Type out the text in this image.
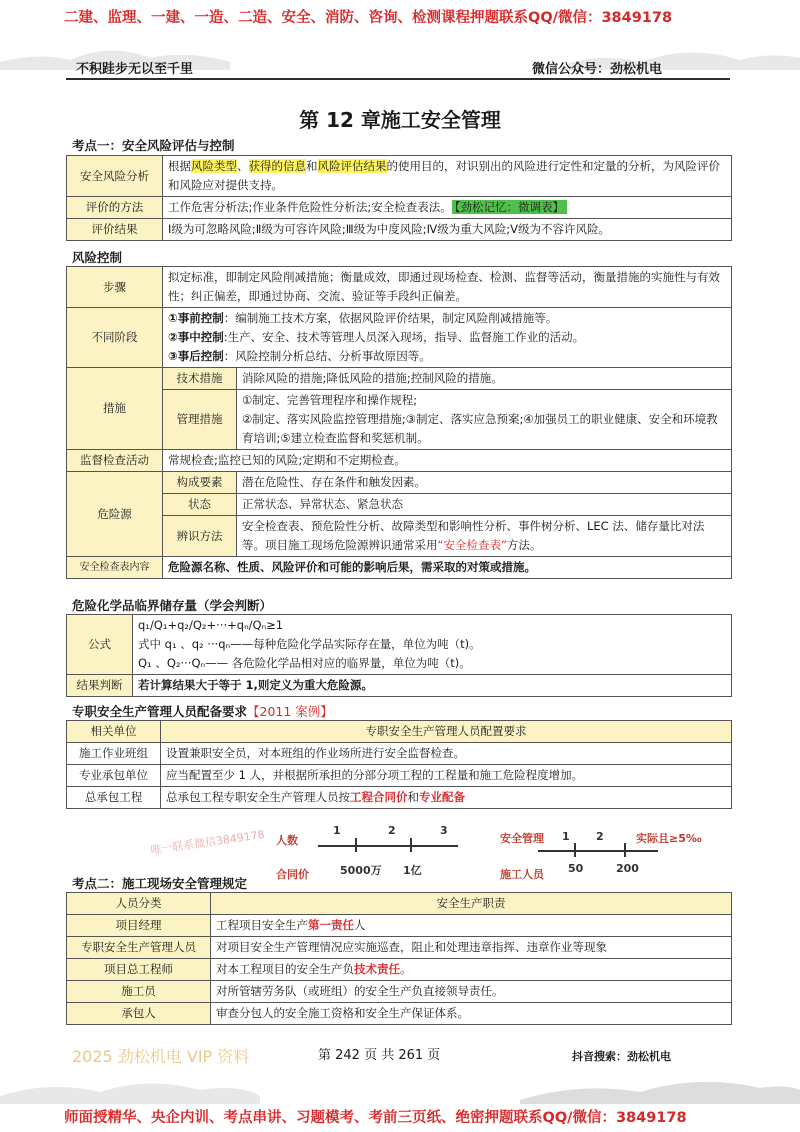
二建、监理、一建、一造、二造、安全、消防、咨询、检测课程押题联系QQ/微信：3849178
不积跬步无以至千里	微信公众号：劲松机电
第 12 章施工安全管理
考点一：安全风险评估与控制
安全风险分析	根据风险类型、获得的信息和风险评估结果的使用目的，对识别出的风险进行定性和定量的分析，为风险评价和风险应对提供支持。
评价的方法	工作危害分析法;作业条件危险性分析法;安全检查表法。 【劲松记忆：微调表】
评价结果	Ⅰ级为可忽略风险;Ⅱ级为可容许风险;Ⅲ级为中度风险;Ⅳ级为重大风险;Ⅴ级为不容许风险。
风险控制
步骤	拟定标准，即制定风险削减措施；衡量成效，即通过现场检查、检测、监督等活动，衡量措施的实施性与有效性；纠正偏差，即通过协商、交流、验证等手段纠正偏差。	
不同阶段	①事前控制：编制施工技术方案，依据风险评价结果，制定风险削减措施等。
②事中控制:生产、安全、技术等管理人员深入现场，指导、监督施工作业的活动。
③事后控制：风险控制分析总结、分析事故原因等。	

措施	技术措施	消除风险的措施;降低风险的措施;控制风险的措施。
	管理措施	①制定、完善管理程序和操作规程;
②制定、落实风险监控管理措施;③制定、落实应急预案;④加强员工的职业健康、安全和环境教育培训;⑤建立检查监督和奖惩机制。

监督检查活动	常规检查;监控已知的风险;定期和不定期检查。	
危险源	构成要素	潜在危险性、存在条件和触发因素。
	状态	正常状态、异常状态、紧急状态
	辨识方法	安全检查表、预危险性分析、故障类型和影响性分析、事件树分析、LEC 法、储存量比对法等。项目施工现场危险源辨识通常采用“安全检查表”方法。
安全检查表内容	危险源名称、性质、风险评价和可能的影响后果，需采取的对策或措施。	
危险化学品临界储存量（学会判断）
公式	q₁/Q₁+q₂/Q₂+···+qₙ/Qₙ≥1
式中 q₁ 、q₂ ···qₙ——每种危险化学品实际存在量，单位为吨（t)。
Q₁ 、Q₂···Qₙ—— 各危险化学品相对应的临界量，单位为吨（t)。

结果判断	若计算结果大于等于 1,则定义为重大危险源。
专职安全生产管理人员配备要求【2011 案例】
相关单位	专职安全生产管理人员配置要求
施工作业班组	设置兼职安全员，对本班组的作业场所进行安全监督检查。
专业承包单位	应当配置至少 1 人，并根据所承担的分部分项工程的工程量和施工危险程度增加。
总承包工程	总承包工程专职安全生产管理人员按工程合同价和专业配备
唯一联系微信3849178 人数
合同价
1	2	3
5000万 1亿
安全管理
施工人员
1 2	实际且≥5‰
50	200
考点二：施工现场安全管理规定
人员分类	安全生产职责
项目经理	工程项目安全生产第一责任人
专职安全生产管理人员	对项目安全生产管理情况应实施巡查，阻止和处理违章指挥、违章作业等现象
项目总工程师	对本工程项目的安全生产负技术责任。
施工员	对所管辖劳务队（或班组）的安全生产负直接领导责任。
承包人	审查分包人的安全施工资格和安全生产保证体系。
2025 劲松机电 VIP 资料	第 242 页 共 261 页	抖音搜索：劲松机电
师面授精华、央企内训、考点串讲、习题模考、考前三页纸、绝密押题联系QQ/微信：3849178
